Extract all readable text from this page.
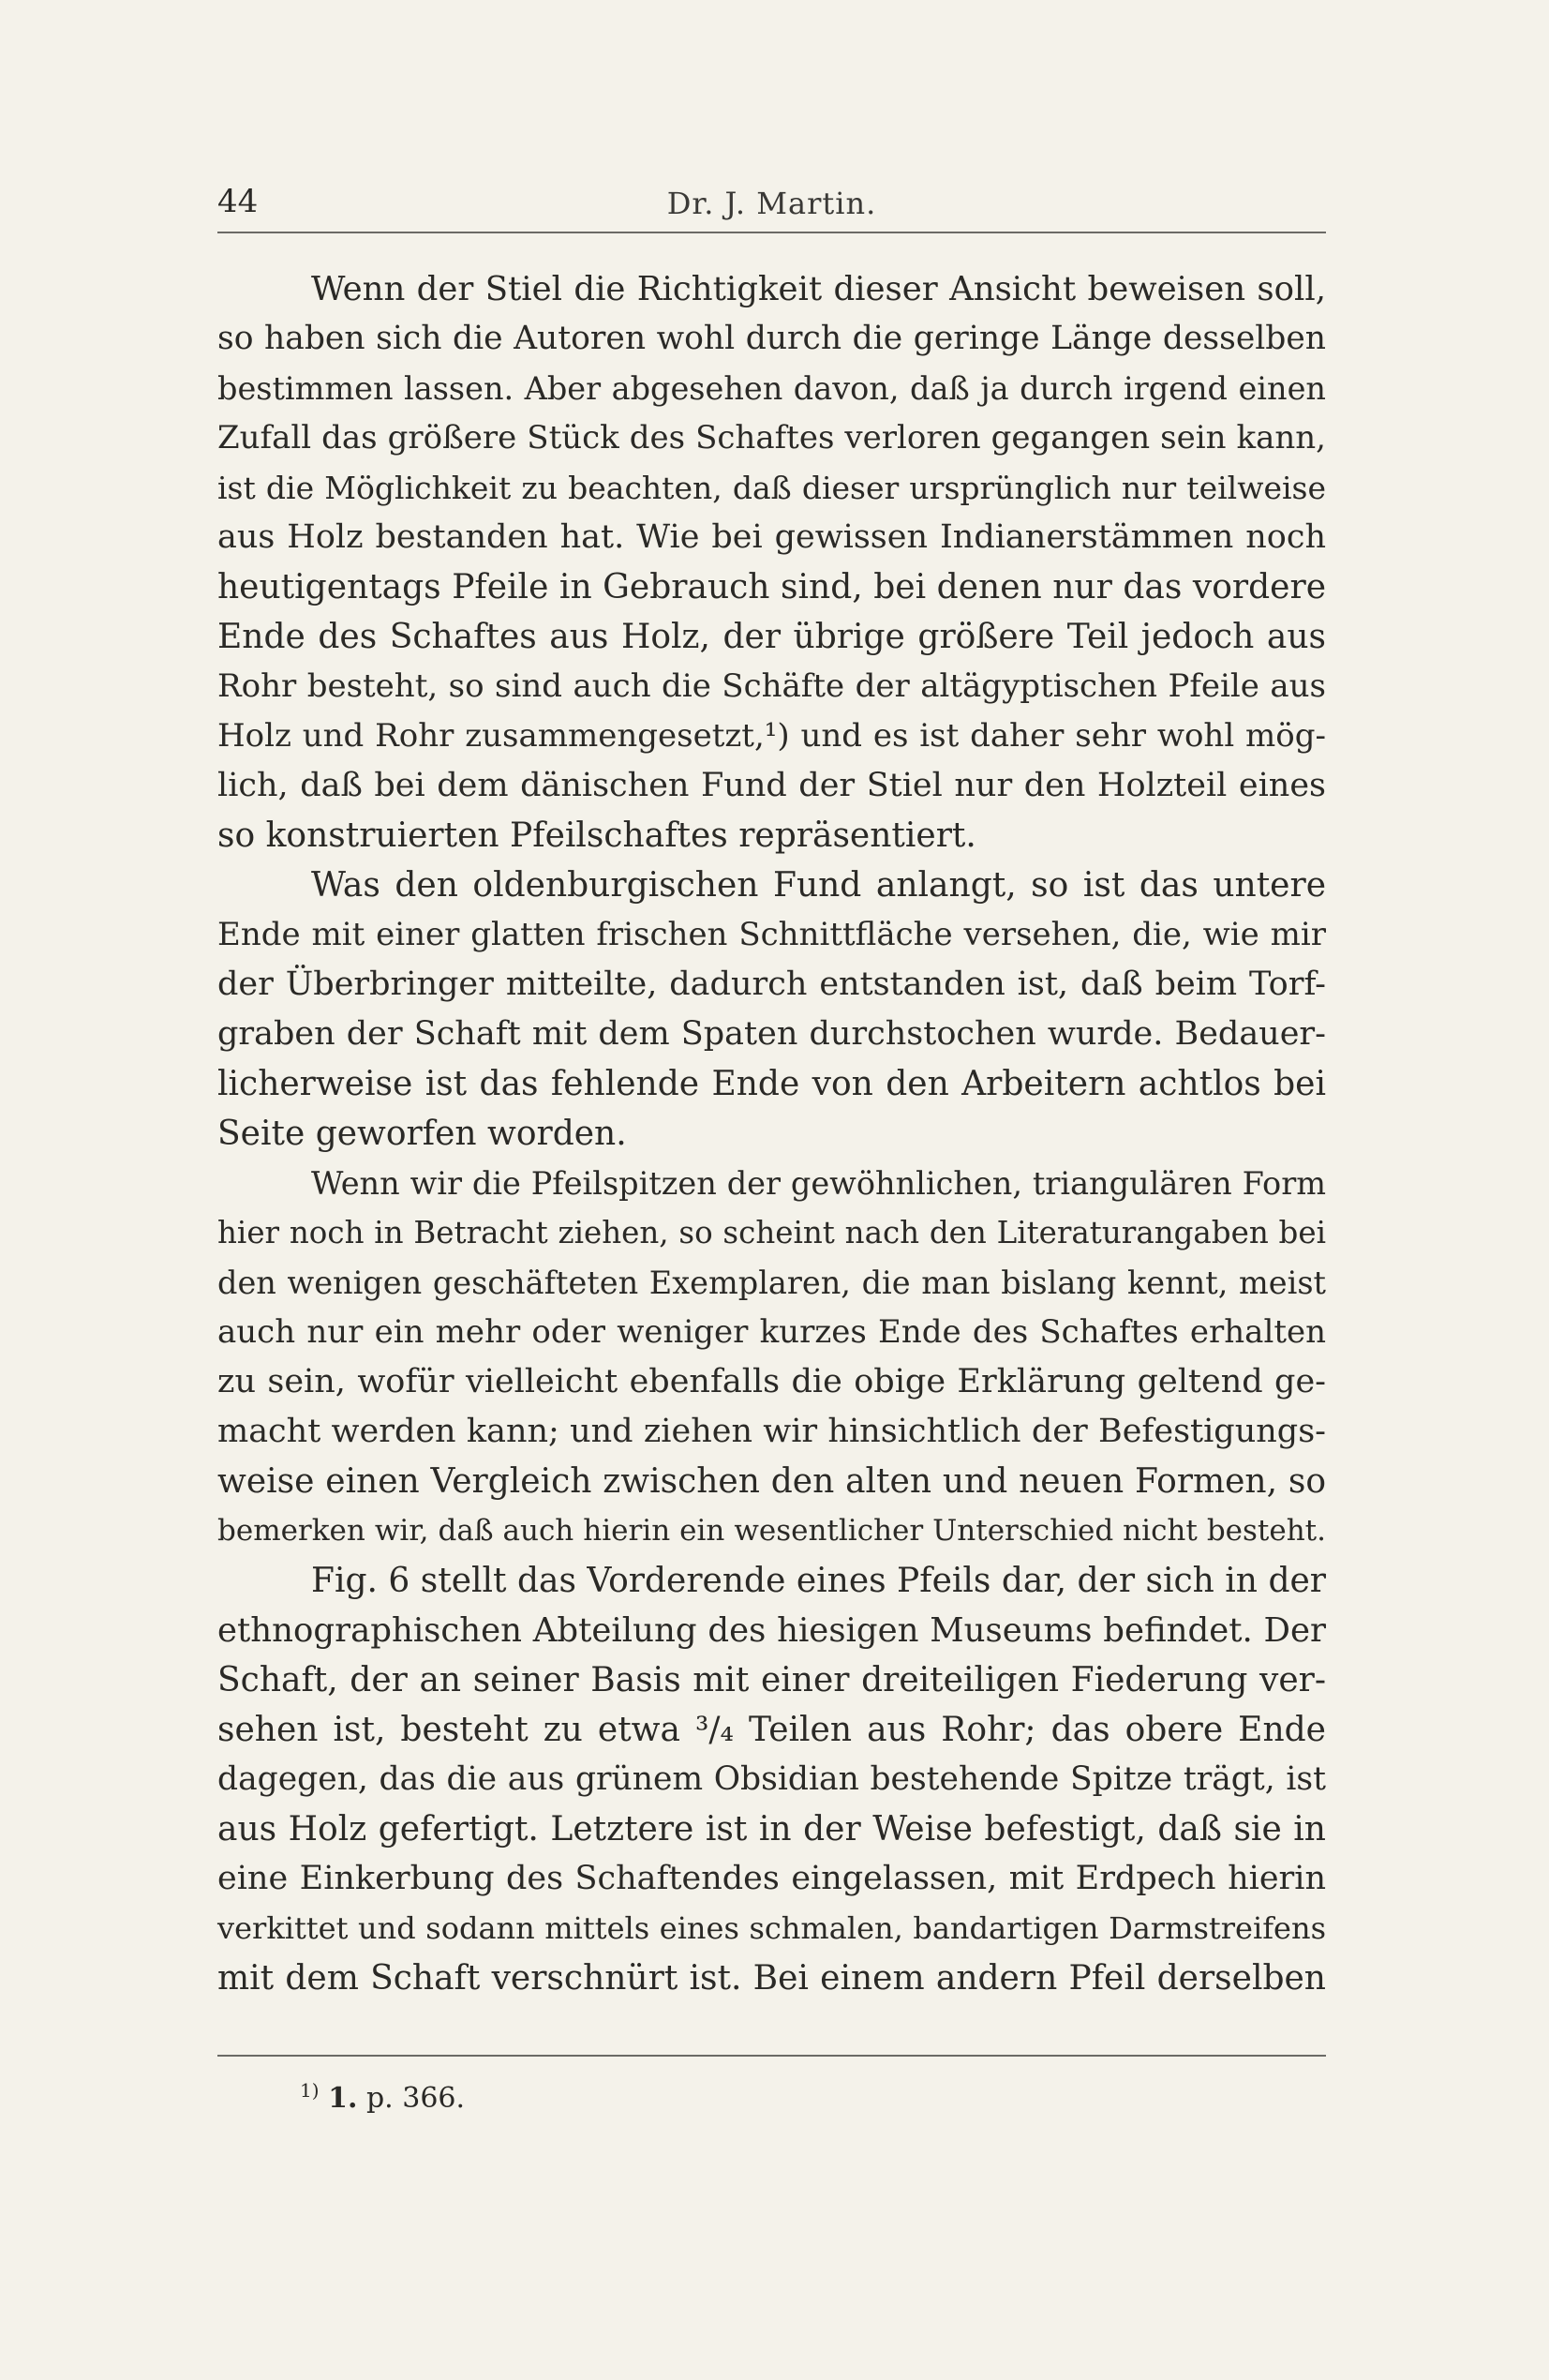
44	Dr. J. Martin.
Wenn der Stiel die Richtigkeit dieser Ansicht beweisen soll,
so haben sich die Autoren wohl durch die geringe Länge desselben
bestimmen lassen. Aber abgesehen davon, daß ja durch irgend einen
Zufall das größere Stück des Schaftes verloren gegangen sein kann,
ist die Möglichkeit zu beachten, daß dieser ursprünglich nur teilweise
aus Holz bestanden hat. Wie bei gewissen Indianerstämmen noch
heutigentags Pfeile in Gebrauch sind, bei denen nur das vordere
Ende des Schaftes aus Holz, der übrige größere Teil jedoch aus
Rohr besteht, so sind auch die Schäfte der altägyptischen Pfeile aus
Holz und Rohr zusammengesetzt,¹) und es ist daher sehr wohl mög-
lich, daß bei dem dänischen Fund der Stiel nur den Holzteil eines
so konstruierten Pfeilschaftes repräsentiert.
Was den oldenburgischen Fund anlangt, so ist das untere
Ende mit einer glatten frischen Schnittfläche versehen, die, wie mir
der Überbringer mitteilte, dadurch entstanden ist, daß beim Torf-
graben der Schaft mit dem Spaten durchstochen wurde. Bedauer-
licherweise ist das fehlende Ende von den Arbeitern achtlos bei
Seite geworfen worden.
Wenn wir die Pfeilspitzen der gewöhnlichen, triangulären Form
hier noch in Betracht ziehen, so scheint nach den Literaturangaben bei
den wenigen geschäfteten Exemplaren, die man bislang kennt, meist
auch nur ein mehr oder weniger kurzes Ende des Schaftes erhalten
zu sein, wofür vielleicht ebenfalls die obige Erklärung geltend ge-
macht werden kann; und ziehen wir hinsichtlich der Befestigungs-
weise einen Vergleich zwischen den alten und neuen Formen, so
bemerken wir, daß auch hierin ein wesentlicher Unterschied nicht besteht.
Fig. 6 stellt das Vorderende eines Pfeils dar, der sich in der
ethnographischen Abteilung des hiesigen Museums befindet. Der
Schaft, der an seiner Basis mit einer dreiteiligen Fiederung ver-
sehen ist, besteht zu etwa ³/₄ Teilen aus Rohr; das obere Ende
dagegen, das die aus grünem Obsidian bestehende Spitze trägt, ist
aus Holz gefertigt. Letztere ist in der Weise befestigt, daß sie in
eine Einkerbung des Schaftendes eingelassen, mit Erdpech hierin
verkittet und sodann mittels eines schmalen, bandartigen Darmstreifens
mit dem Schaft verschnürt ist. Bei einem andern Pfeil derselben
$^{1)}$ 1. p. 366.
